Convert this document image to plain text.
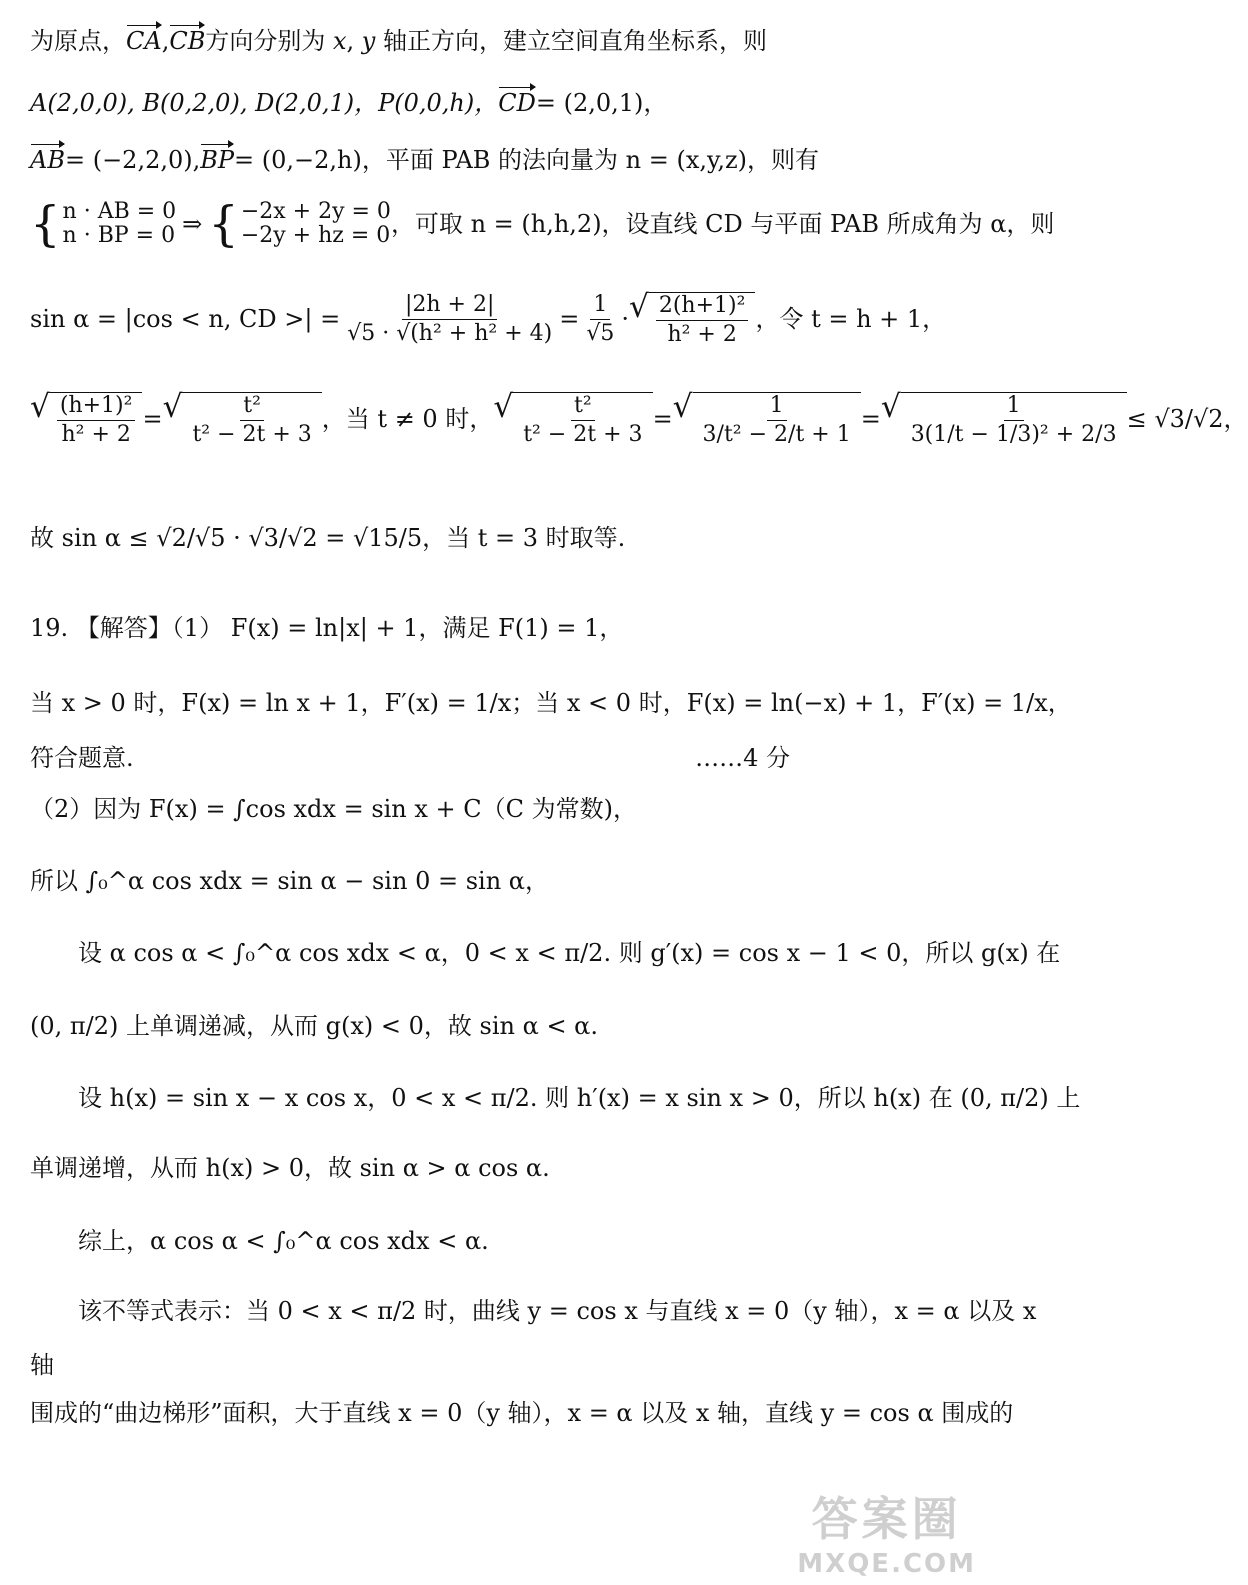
为原点， CA , CB 方向分别为
x , y
轴正方向，建立空间直角坐标系，则
A(2,0,0), B(0,2,0), D(2,0,1)，P(0,0,h)， CD = (2,0,1)，
AB = (−2,2,0), BP = (0,−2,h)，平面 PAB 的法向量为 n = (x,y,z)，则有
{ n · AB = 0
n · BP = 0 ⇒ { −2x + 2y = 0
−2y + hz = 0 ，可取 n = (h,h,2)，设直线 CD 与平面 PAB 所成角为 α，则
sin α = |cos < n, CD >| = $\frac{|2h + 2|}{\text{√5 · √(h² + h² + 4)}} = \frac{1}{√5}$ · √ $\frac{\text{2(h+1)²}}{\text{h² + 2}}$ ，令 t = h + 1，
√ $\frac{\text{(h+1)²}}{\text{h² + 2}}$ = √ $\frac{\text{t²}}{\text{t² − 2t + 3}}$ ，当 t ≠ 0 时， √ $\frac{\text{t²}}{\text{t² − 2t + 3}}$ = √ $\frac{1}{\text{3/t² − 2/t + 1}}$ = √ $\frac{1}{\text{3(1/t − 1/3)² + 2/3}} \le √3/√2$，
故 sin α ≤ √2/√5 · √3/√2 = √15/5，当 t = 3 时取等.
19. 【解答】（1） F(x) = ln|x| + 1，满足 F(1) = 1，
当 x > 0 时，F(x) = ln x + 1，F′(x) = 1/x；当 x < 0 时，F(x) = ln(−x) + 1，F′(x) = 1/x，
符合题意.	……4 分
（2）因为 F(x) = ∫cos xdx = sin x + C（C 为常数)，
所以 ∫₀^α cos xdx = sin α − sin 0 = sin α，
设 α cos α < ∫₀^α cos xdx < α，0 < x < π/2. 则 g′(x) = cos x − 1 < 0，所以 g(x) 在
(0, π/2) 上单调递减，从而 g(x) < 0，故 sin α < α.
设 h(x) = sin x − x cos x，0 < x < π/2. 则 h′(x) = x sin x > 0，所以 h(x) 在 (0, π/2) 上
单调递增，从而 h(x) > 0，故 sin α > α cos α.
综上，α cos α < ∫₀^α cos xdx < α.
该不等式表示：当 0 < x < π/2 时，曲线 y = cos x 与直线 x = 0（y 轴），x = α 以及 x
轴
围成的“曲边梯形”面积，大于直线 x = 0（y 轴），x = α 以及 x 轴，直线 y = cos α 围成的
答案圈
MXQE.COM
